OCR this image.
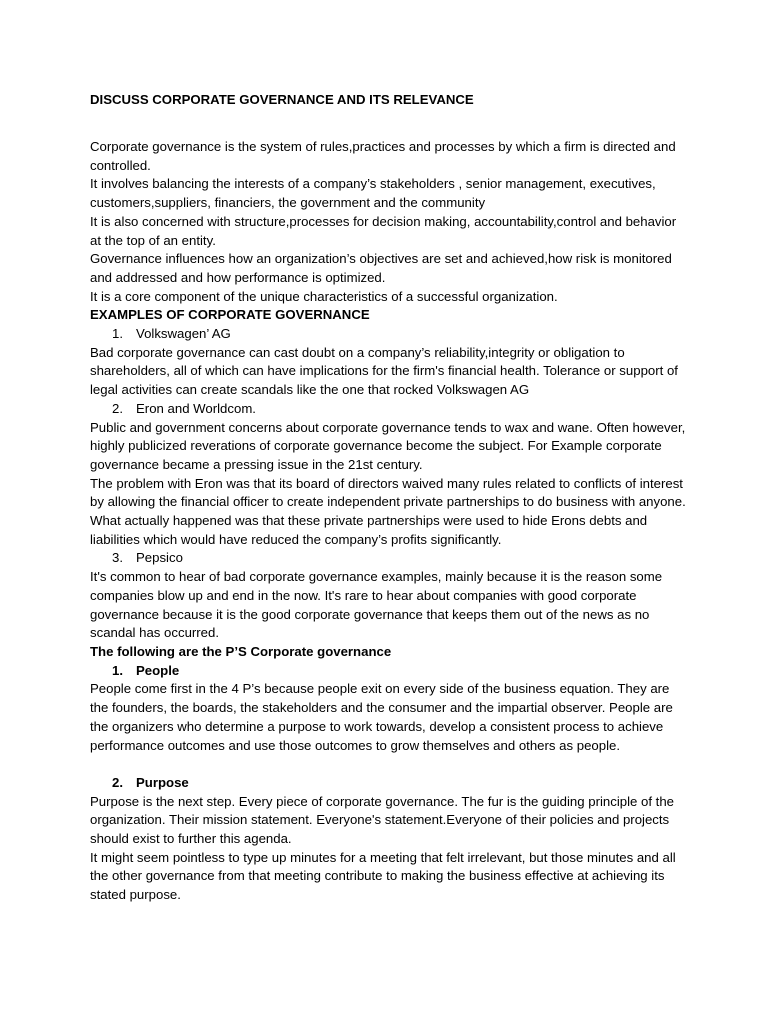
DISCUSS CORPORATE GOVERNANCE AND ITS RELEVANCE

Corporate governance is the system of rules,practices and processes by which a firm is directed and controlled.

It involves balancing the interests of a company’s stakeholders , senior management, executives, customers,suppliers, financiers, the government and the community

It is also concerned with structure,processes for decision making, accountability,control and behavior at the top of an entity.

Governance influences how an organization’s objectives are set and achieved,how risk is monitored and addressed and how performance is optimized.

It is a core component of the unique characteristics of a successful organization.

EXAMPLES OF CORPORATE GOVERNANCE

1. Volkswagen’ AG

Bad corporate governance can cast doubt on a company’s reliability,integrity or obligation to shareholders, all of which can have implications for the firm's financial health. Tolerance or support of legal activities can create scandals like the one that rocked Volkswagen AG

2. Eron and Worldcom.

Public and government concerns about corporate governance tends to wax and wane. Often however, highly publicized reverations of corporate governance become the subject. For Example corporate governance became a pressing issue in the 21st century.

The problem with Eron was that its board of directors waived many rules related to conflicts of interest by allowing the financial officer to create independent private partnerships to do business with anyone. What actually happened was that these private partnerships were used to hide Erons debts and liabilities which would have reduced the company’s profits significantly.

3. Pepsico

It's common to hear of bad corporate governance examples, mainly because it is the reason some companies blow up and end in the now. It's rare to hear about companies with good corporate governance because it is the good corporate governance that keeps them out of the news as no scandal has occurred.

The following are the P’S Corporate governance

1. People

People come first in the 4 P’s because people exit on every side of the business equation. They are the founders, the boards, the stakeholders and the consumer and the impartial observer. People are the organizers who determine a purpose to work towards, develop a consistent process to achieve performance outcomes and use those outcomes to grow themselves and others as people.

2. Purpose

Purpose is the next step. Every piece of corporate governance. The fur is the guiding principle of the organization. Their mission statement. Everyone's statement.Everyone of their policies and projects should exist to further this agenda.

It might seem pointless to type up minutes for a meeting that felt irrelevant, but those minutes and all the other governance from that meeting contribute to making the business effective at achieving its stated purpose.
